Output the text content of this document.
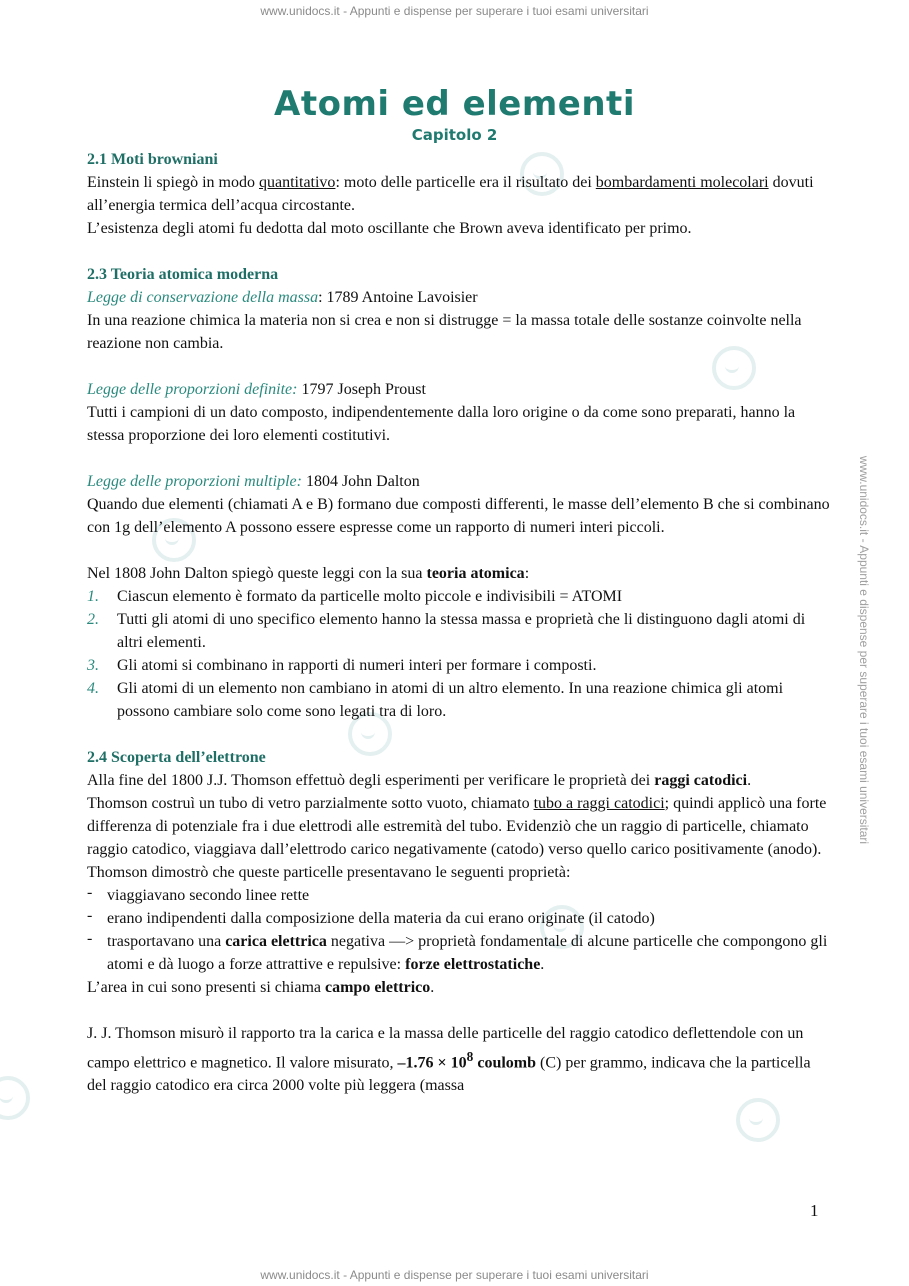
www.unidocs.it - Appunti e dispense per superare i tuoi esami universitari
www.unidocs.it - Appunti e dispense per superare i tuoi esami universitari
www.unidocs.it - Appunti e dispense per superare i tuoi esami universitari
Atomi ed elementi
Capitolo 2

2.1 Moti browniani

Einstein li spiegò in modo quantitativo: moto delle particelle era il risultato dei bombardamenti molecolari dovuti all’energia termica dell’acqua circostante.

L’esistenza degli atomi fu dedotta dal moto oscillante che Brown aveva identificato per primo.

2.3 Teoria atomica moderna

Legge di conservazione della massa: 1789 Antoine Lavoisier

In una reazione chimica la materia non si crea e non si distrugge = la massa totale delle sostanze coinvolte nella reazione non cambia.

Legge delle proporzioni definite: 1797 Joseph Proust

Tutti i campioni di un dato composto, indipendentemente dalla loro origine o da come sono preparati, hanno la stessa proporzione dei loro elementi costitutivi.

Legge delle proporzioni multiple: 1804 John Dalton

Quando due elementi (chiamati A e B) formano due composti differenti, le masse dell’elemento B che si combinano con 1g dell’elemento A possono essere espresse come un rapporto di numeri interi piccoli.

Nel 1808 John Dalton spiegò queste leggi con la sua teoria atomica:

1. Ciascun elemento è formato da particelle molto piccole e indivisibili = ATOMI
2. Tutti gli atomi di uno specifico elemento hanno la stessa massa e proprietà che li distinguono dagli atomi di altri elementi.
3. Gli atomi si combinano in rapporti di numeri interi per formare i composti.
4. Gli atomi di un elemento non cambiano in atomi di un altro elemento. In una reazione chimica gli atomi possono cambiare solo come sono legati tra di loro.

2.4 Scoperta dell’elettrone

Alla fine del 1800 J.J. Thomson effettuò degli esperimenti per verificare le proprietà dei raggi catodici.

Thomson costruì un tubo di vetro parzialmente sotto vuoto, chiamato tubo a raggi catodici; quindi applicò una forte differenza di potenziale fra i due elettrodi alle estremità del tubo. Evidenziò che un raggio di particelle, chiamato raggio catodico, viaggiava dall’elettrodo carico negativamente (catodo) verso quello carico positivamente (anodo).

Thomson dimostrò che queste particelle presentavano le seguenti proprietà:

- viaggiavano secondo linee rette
- erano indipendenti dalla composizione della materia da cui erano originate (il catodo)
- trasportavano una carica elettrica negativa —> proprietà fondamentale di alcune particelle che compongono gli atomi e dà luogo a forze attrattive e repulsive: forze elettrostatiche.

L’area in cui sono presenti si chiama campo elettrico.

J. J. Thomson misurò il rapporto tra la carica e la massa delle particelle del raggio catodico deflettendole con un campo elettrico e magnetico. Il valore misurato, $-1.76 \times 10^8$ coulomb (C) per grammo, indicava che la particella del raggio catodico era circa 2000 volte più leggera (massa

1
